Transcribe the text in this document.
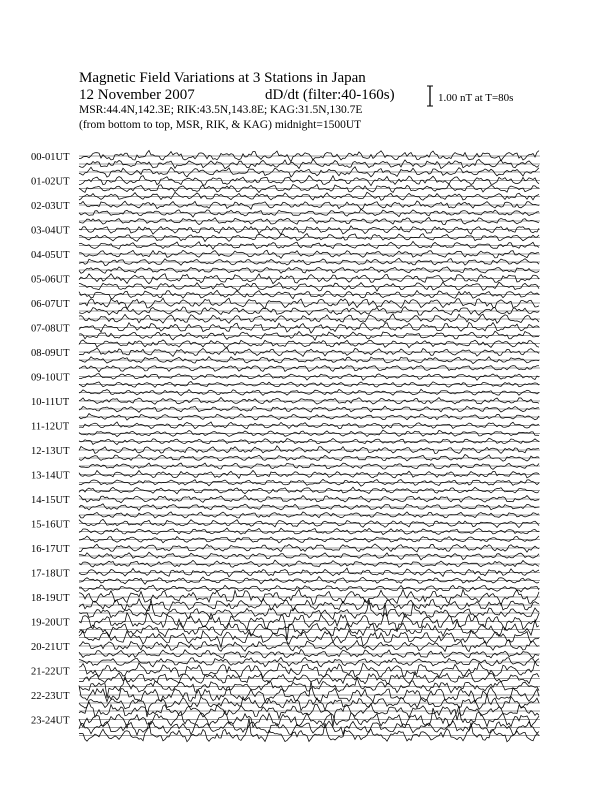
Magnetic Field Variations at 3 Stations in Japan
12 November 2007	dD/dt (filter:40-160s)
MSR:44.4N,142.3E; RIK:43.5N,143.8E; KAG:31.5N,130.7E
(from bottom to top, MSR, RIK, & KAG) midnight=1500UT
1.00 nT at T=80s
00-01UT
01-02UT
02-03UT
03-04UT
04-05UT
05-06UT
06-07UT
07-08UT
08-09UT
09-10UT
10-11UT
11-12UT
12-13UT
13-14UT
14-15UT
15-16UT
16-17UT
17-18UT
18-19UT
19-20UT
20-21UT
21-22UT
22-23UT
23-24UT
